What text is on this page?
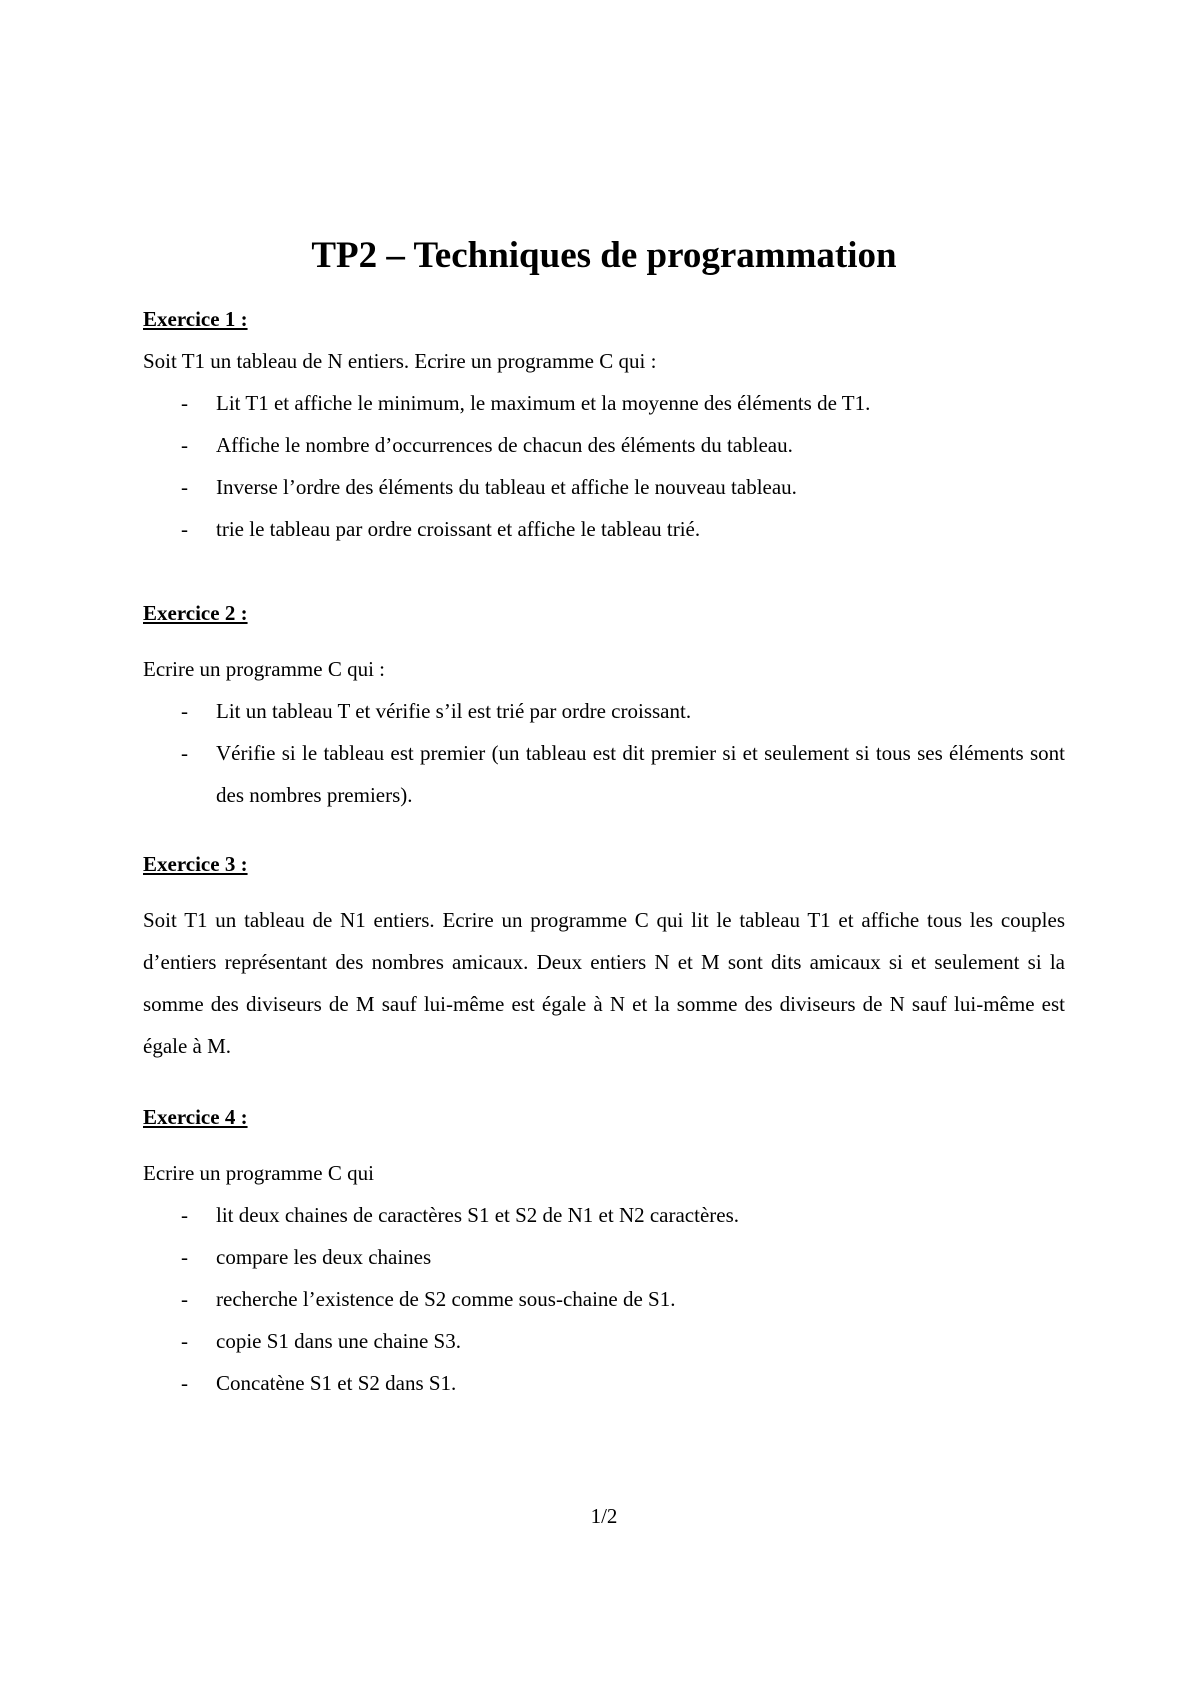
TP2 – Techniques de programmation
Exercice 1 :

Soit T1 un tableau de N entiers. Ecrire un programme C qui :

- Lit T1 et affiche le minimum, le maximum et la moyenne des éléments de T1.
- Affiche le nombre d’occurrences de chacun des éléments du tableau.
- Inverse l’ordre des éléments du tableau et affiche le nouveau tableau.
- trie le tableau par ordre croissant et affiche le tableau trié.
Exercice 2 :

Ecrire un programme C qui :

- Lit un tableau T et vérifie s’il est trié par ordre croissant.
- Vérifie si le tableau est premier (un tableau est dit premier si et seulement si tous ses éléments sont des nombres premiers).
Exercice 3 :

Soit T1 un tableau de N1 entiers. Ecrire un programme C qui lit le tableau T1 et affiche tous les couples d’entiers représentant des nombres amicaux. Deux entiers N et M sont dits amicaux si et seulement si la somme des diviseurs de M sauf lui-même est égale à N et la somme des diviseurs de N sauf lui-même est égale à M.

Exercice 4 :

Ecrire un programme C qui

- lit deux chaines de caractères S1 et S2 de N1 et N2 caractères.
- compare les deux chaines
- recherche l’existence de S2 comme sous-chaine de S1.
- copie S1 dans une chaine S3.
- Concatène S1 et S2 dans S1.
1/2
